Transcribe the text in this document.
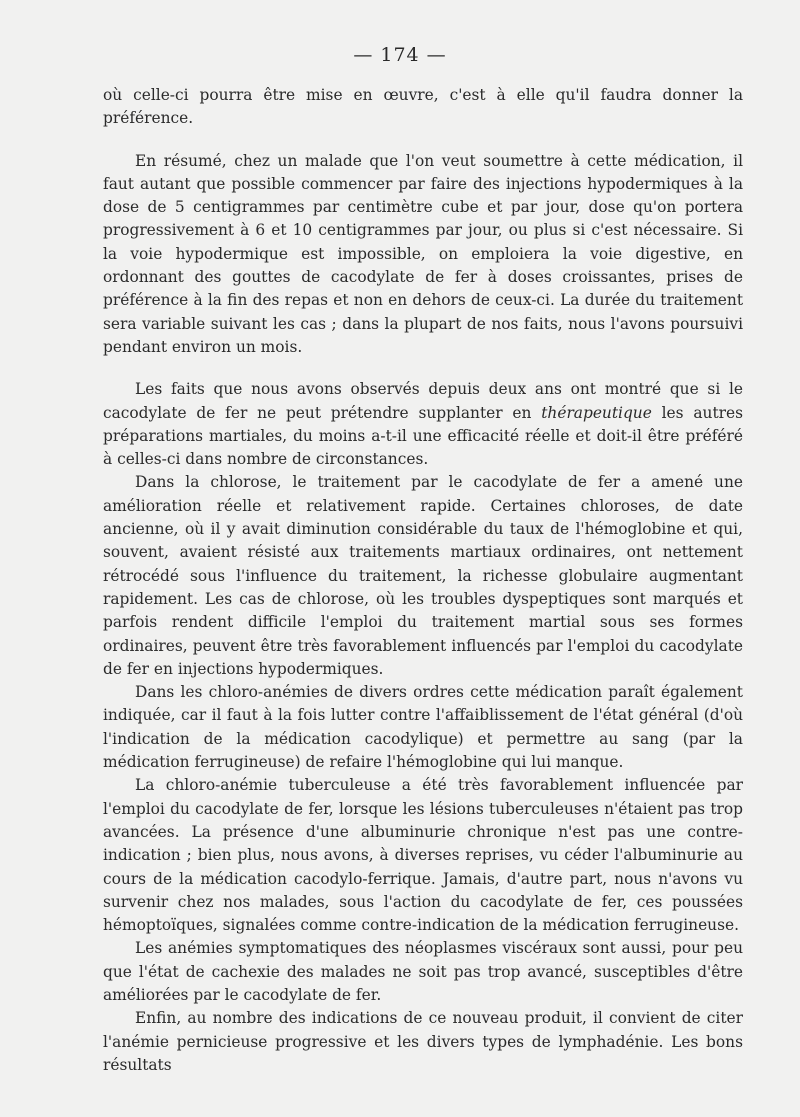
— 174 —

où celle-ci pourra être mise en œuvre, c'est à elle qu'il faudra donner la préférence.

En résumé, chez un malade que l'on veut soumettre à cette médication, il faut autant que possible commencer par faire des injections hypodermiques à la dose de 5 centigrammes par centimètre cube et par jour, dose qu'on portera progressivement à 6 et 10 centigrammes par jour, ou plus si c'est nécessaire. Si la voie hypodermique est impossible, on emploiera la voie digestive, en ordonnant des gouttes de cacodylate de fer à doses croissantes, prises de préférence à la fin des repas et non en dehors de ceux-ci. La durée du traitement sera variable suivant les cas ; dans la plupart de nos faits, nous l'avons poursuivi pendant environ un mois.

Les faits que nous avons observés depuis deux ans ont montré que si le cacodylate de fer ne peut prétendre supplanter en thérapeutique les autres préparations martiales, du moins a-t-il une efficacité réelle et doit-il être préféré à celles-ci dans nombre de circonstances.

Dans la chlorose, le traitement par le cacodylate de fer a amené une amélioration réelle et relativement rapide. Certaines chloroses, de date ancienne, où il y avait diminution considérable du taux de l'hémoglobine et qui, souvent, avaient résisté aux traitements martiaux ordinaires, ont nettement rétrocédé sous l'influence du traitement, la richesse globulaire augmentant rapidement. Les cas de chlorose, où les troubles dyspeptiques sont marqués et parfois rendent difficile l'emploi du traitement martial sous ses formes ordinaires, peuvent être très favorablement influencés par l'emploi du cacodylate de fer en injections hypodermiques.

Dans les chloro-anémies de divers ordres cette médication paraît également indiquée, car il faut à la fois lutter contre l'affaiblissement de l'état général (d'où l'indication de la médication cacodylique) et permettre au sang (par la médication ferrugineuse) de refaire l'hémoglobine qui lui manque.

La chloro-anémie tuberculeuse a été très favorablement influencée par l'emploi du cacodylate de fer, lorsque les lésions tuberculeuses n'étaient pas trop avancées. La présence d'une albuminurie chronique n'est pas une contre-indication ; bien plus, nous avons, à diverses reprises, vu céder l'albuminurie au cours de la médication cacodylo-ferrique. Jamais, d'autre part, nous n'avons vu survenir chez nos malades, sous l'action du cacodylate de fer, ces poussées hémoptoïques, signalées comme contre-indication de la médication ferrugineuse.

Les anémies symptomatiques des néoplasmes viscéraux sont aussi, pour peu que l'état de cachexie des malades ne soit pas trop avancé, susceptibles d'être améliorées par le cacodylate de fer.

Enfin, au nombre des indications de ce nouveau produit, il convient de citer l'anémie pernicieuse progressive et les divers types de lymphadénie. Les bons résultats
